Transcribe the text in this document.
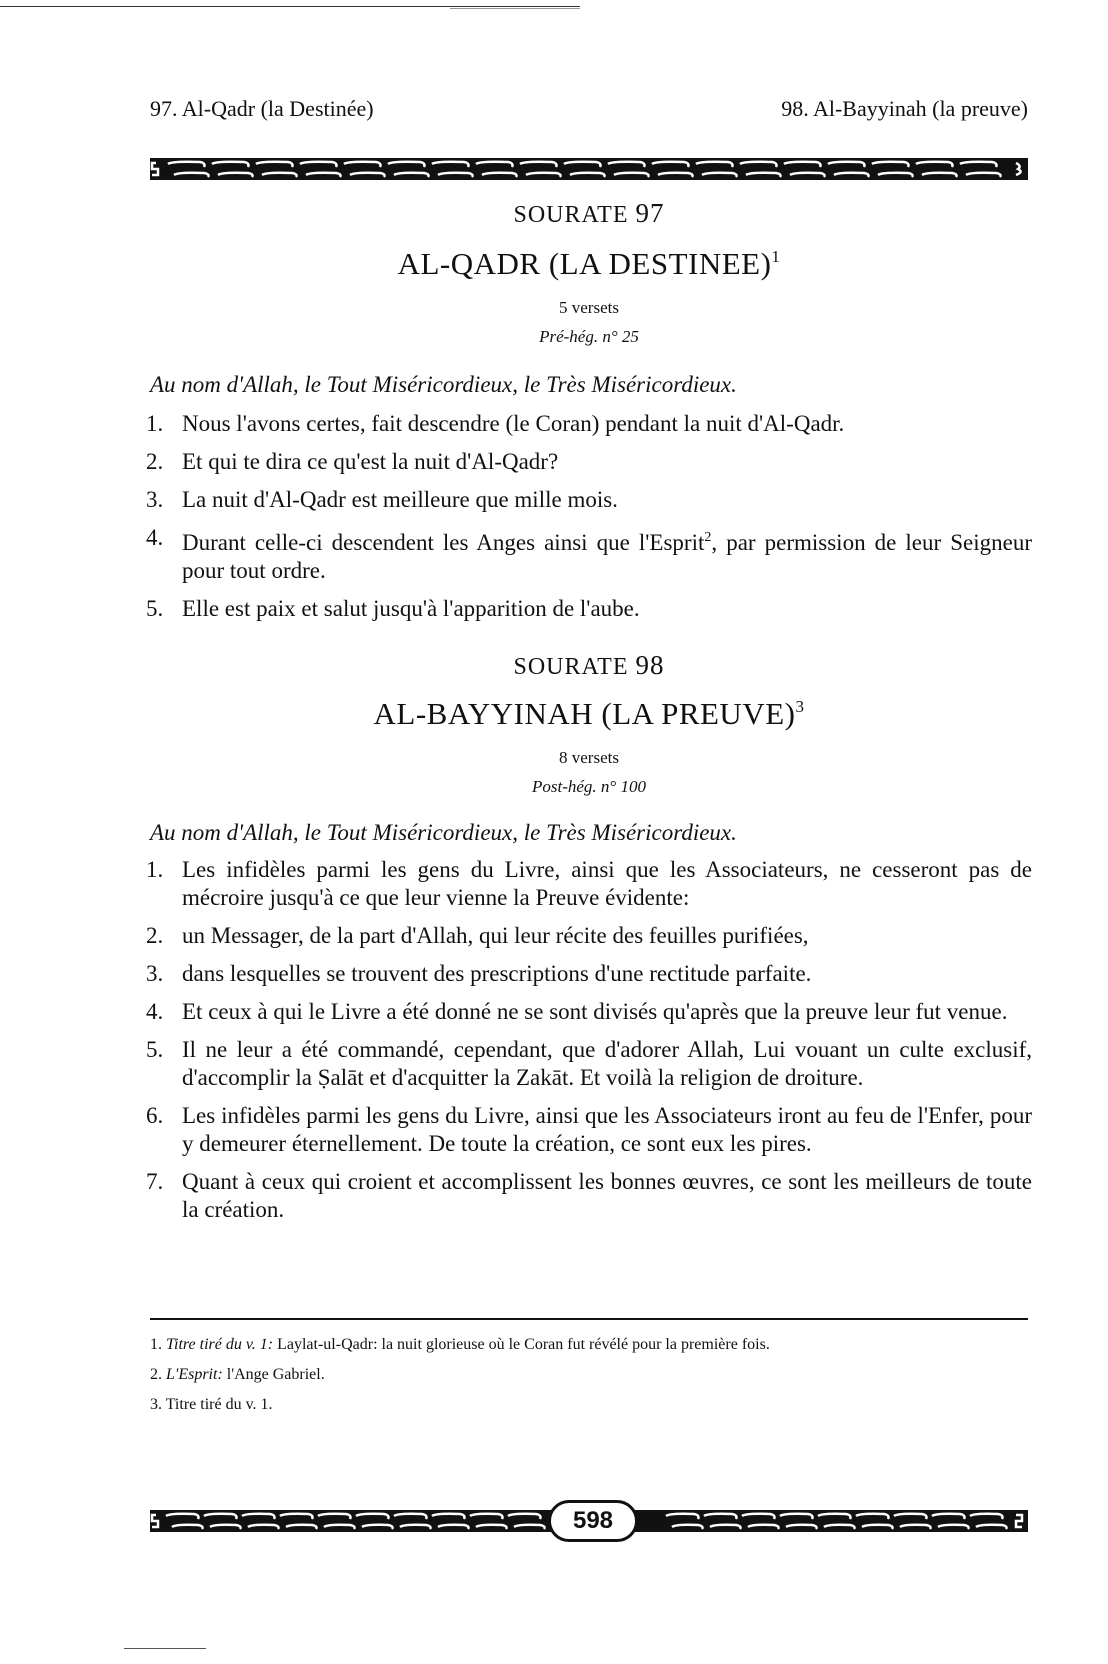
97. Al-Qadr (la Destinée)	98. Al-Bayyinah (la preuve)
SOURATE 97
AL-QADR (LA DESTINEE)$^1$
5 versets
Pré-hég. n° 25
Au nom d'Allah, le Tout Miséricordieux, le Très Miséricordieux.
1. Nous l'avons certes, fait descendre (le Coran) pendant la nuit d'Al-Qadr.
2. Et qui te dira ce qu'est la nuit d'Al-Qadr?
3. La nuit d'Al-Qadr est meilleure que mille mois.
4. Durant celle-ci descendent les Anges ainsi que l'Esprit$^2$, par permission de leur Seigneur pour tout ordre.
5. Elle est paix et salut jusqu'à l'apparition de l'aube.
SOURATE 98
AL-BAYYINAH (LA PREUVE)$^3$
8 versets
Post-hég. n° 100
Au nom d'Allah, le Tout Miséricordieux, le Très Miséricordieux.
1. Les infidèles parmi les gens du Livre, ainsi que les Associateurs, ne cesseront pas de mécroire jusqu'à ce que leur vienne la Preuve évidente:
2. un Messager, de la part d'Allah, qui leur récite des feuilles purifiées,
3. dans lesquelles se trouvent des prescriptions d'une rectitude parfaite.
4. Et ceux à qui le Livre a été donné ne se sont divisés qu'après que la preuve leur fut venue.
5. Il ne leur a été commandé, cependant, que d'adorer Allah, Lui vouant un culte exclusif, d'accomplir la Ṣalāt et d'acquitter la Zakāt. Et voilà la religion de droiture.
6. Les infidèles parmi les gens du Livre, ainsi que les Associateurs iront au feu de l'Enfer, pour y demeurer éternellement. De toute la création, ce sont eux les pires.
7. Quant à ceux qui croient et accomplissent les bonnes œuvres, ce sont les meilleurs de toute la création.
1. Titre tiré du v. 1: Laylat-ul-Qadr: la nuit glorieuse où le Coran fut révélé pour la première fois.
2. L'Esprit: l'Ange Gabriel.
3. Titre tiré du v. 1.
598
